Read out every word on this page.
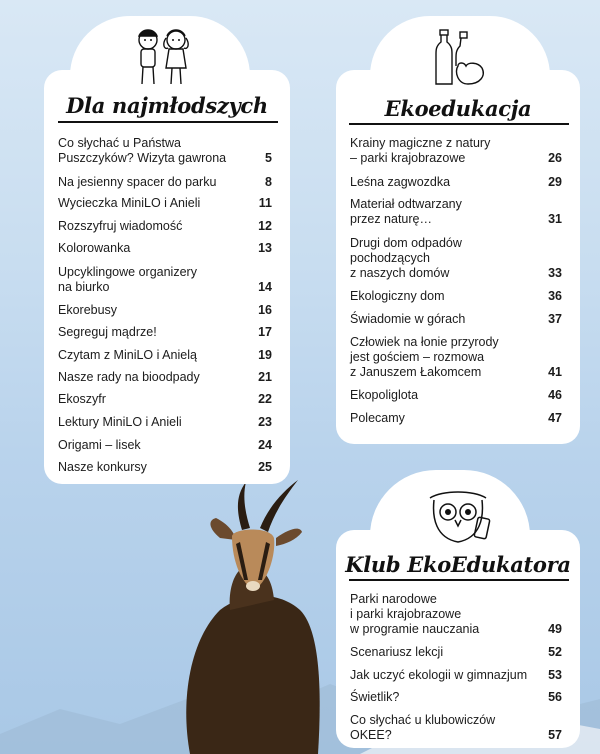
Dla najmłodszych
Co słychać u Państwa
Puszczyków? Wizyta gawrona	5
Na jesienny spacer do parku	8
Wycieczka MiniLO i Anieli	11
Rozszyfruj wiadomość	12
Kolorowanka	13
Upcyklingowe organizery
na biurko	14
Ekorebusy	16
Segreguj mądrze!	17
Czytam z MiniLO i Anielą	19
Nasze rady na bioodpady	21
Ekoszyfr	22
Lektury MiniLO i Anieli	23
Origami – lisek	24
Nasze konkursy	25
Ekoedukacja
Krainy magiczne z natury
– parki krajobrazowe	26
Leśna zagwozdka	29
Materiał odtwarzany
przez naturę…	31
Drugi dom odpadów
pochodzących
z naszych domów	33
Ekologiczny dom	36
Świadomie w górach	37
Człowiek na łonie przyrody
jest gościem – rozmowa
z Januszem Łakomcem	41
Ekopoliglota	46
Polecamy	47
Klub EkoEdukatora
Parki narodowe
i parki krajobrazowe
w programie nauczania	49
Scenariusz lekcji	52
Jak uczyć ekologii w gimnazjum	53
Świetlik?	56
Co słychać u klubowiczów OKEE?	57
